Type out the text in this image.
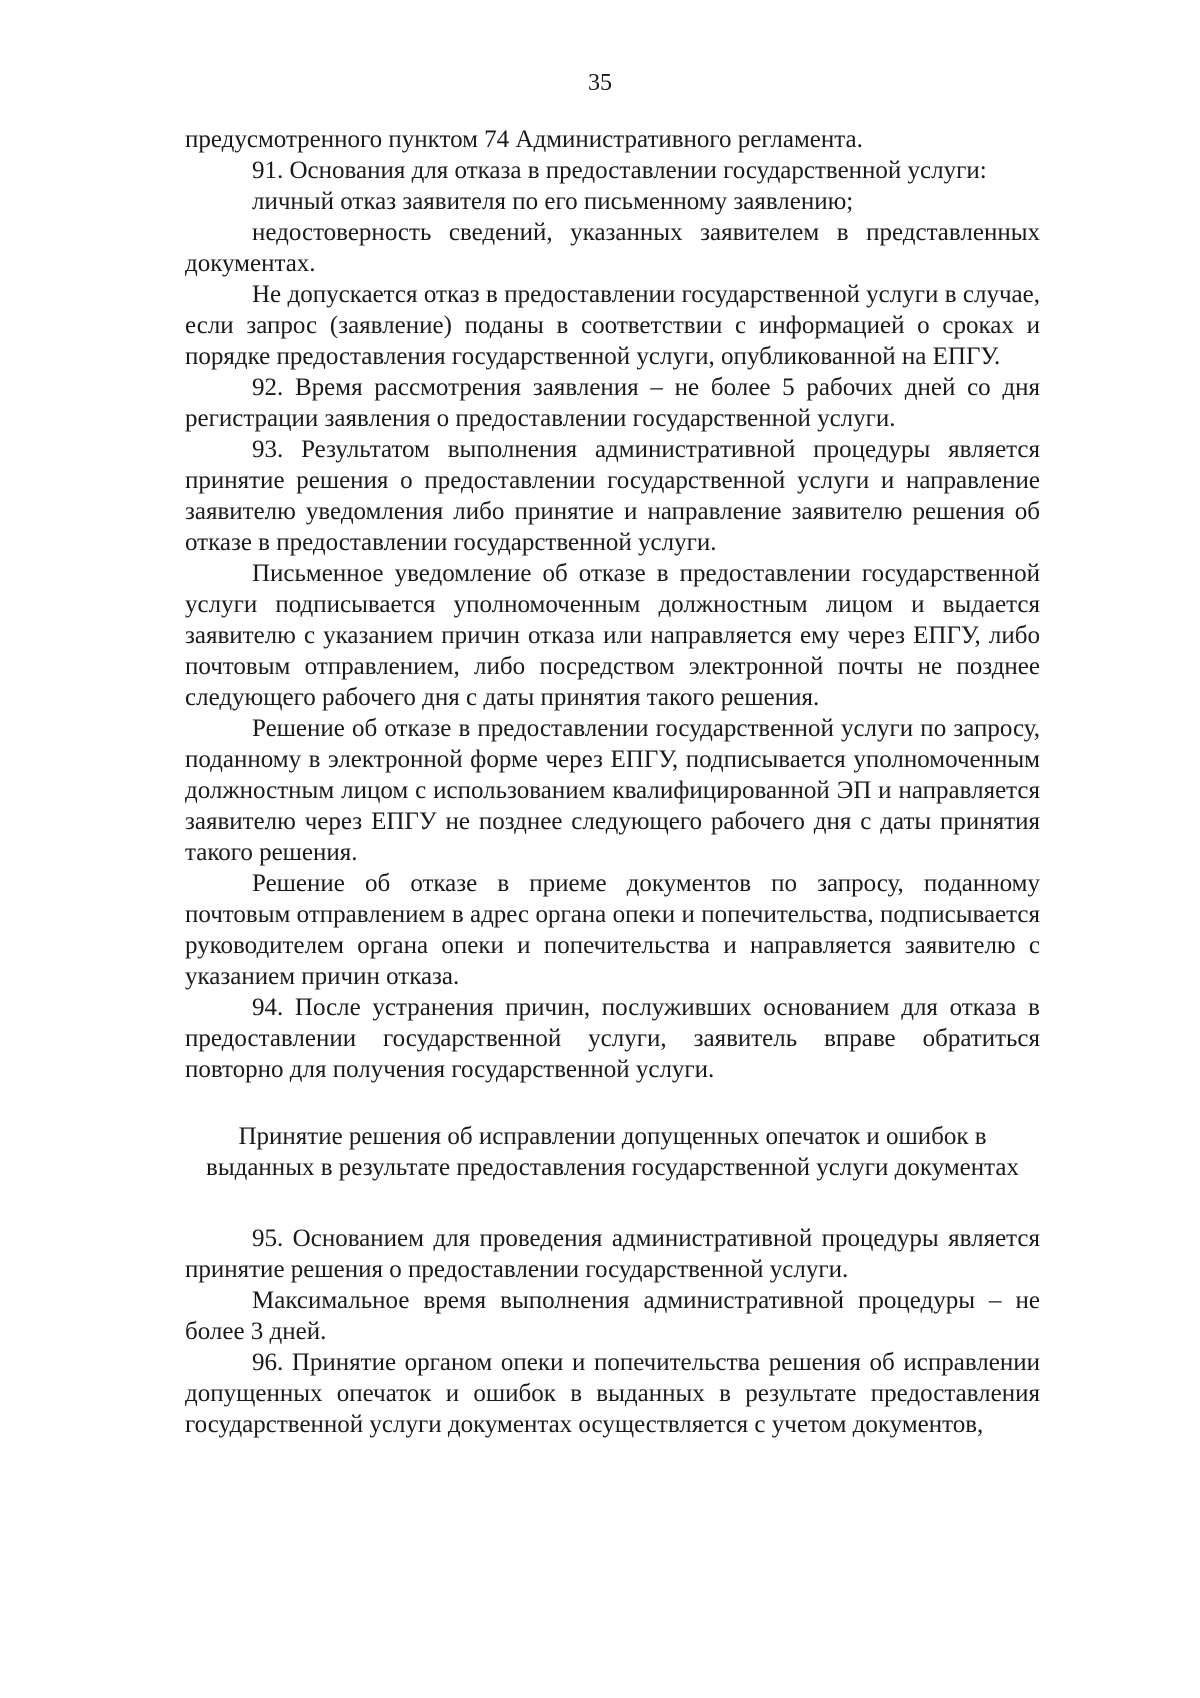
35

предусмотренного пунктом 74 Административного регламента.

91. Основания для отказа в предоставлении государственной услуги:

личный отказ заявителя по его письменному заявлению;

недостоверность сведений, указанных заявителем в представленных документах.

Не допускается отказ в предоставлении государственной услуги в случае, если запрос (заявление) поданы в соответствии с информацией о сроках и порядке предоставления государственной услуги, опубликованной на ЕПГУ.

92. Время рассмотрения заявления – не более 5 рабочих дней со дня регистрации заявления о предоставлении государственной услуги.

93. Результатом выполнения административной процедуры является принятие решения о предоставлении государственной услуги и направление заявителю уведомления либо принятие и направление заявителю решения об отказе в предоставлении государственной услуги.

Письменное уведомление об отказе в предоставлении государственной услуги подписывается уполномоченным должностным лицом и выдается заявителю с указанием причин отказа или направляется ему через ЕПГУ, либо почтовым отправлением, либо посредством электронной почты не позднее следующего рабочего дня с даты принятия такого решения.

Решение об отказе в предоставлении государственной услуги по запросу, поданному в электронной форме через ЕПГУ, подписывается уполномоченным должностным лицом с использованием квалифицированной ЭП и направляется заявителю через ЕПГУ не позднее следующего рабочего дня с даты принятия такого решения.

Решение об отказе в приеме документов по запросу, поданному почтовым отправлением в адрес органа опеки и попечительства, подписывается руководителем органа опеки и попечительства и направляется заявителю с указанием причин отказа.

94. После устранения причин, послуживших основанием для отказа в предоставлении государственной услуги, заявитель вправе обратиться повторно для получения государственной услуги.

Принятие решения об исправлении допущенных опечаток и ошибок в
выданных в результате предоставления государственной услуги документах

95. Основанием для проведения административной процедуры является принятие решения о предоставлении государственной услуги.

Максимальное время выполнения административной процедуры – не более 3 дней.

96. Принятие органом опеки и попечительства решения об исправлении допущенных опечаток и ошибок в выданных в результате предоставления государственной услуги документах осуществляется с учетом документов,
